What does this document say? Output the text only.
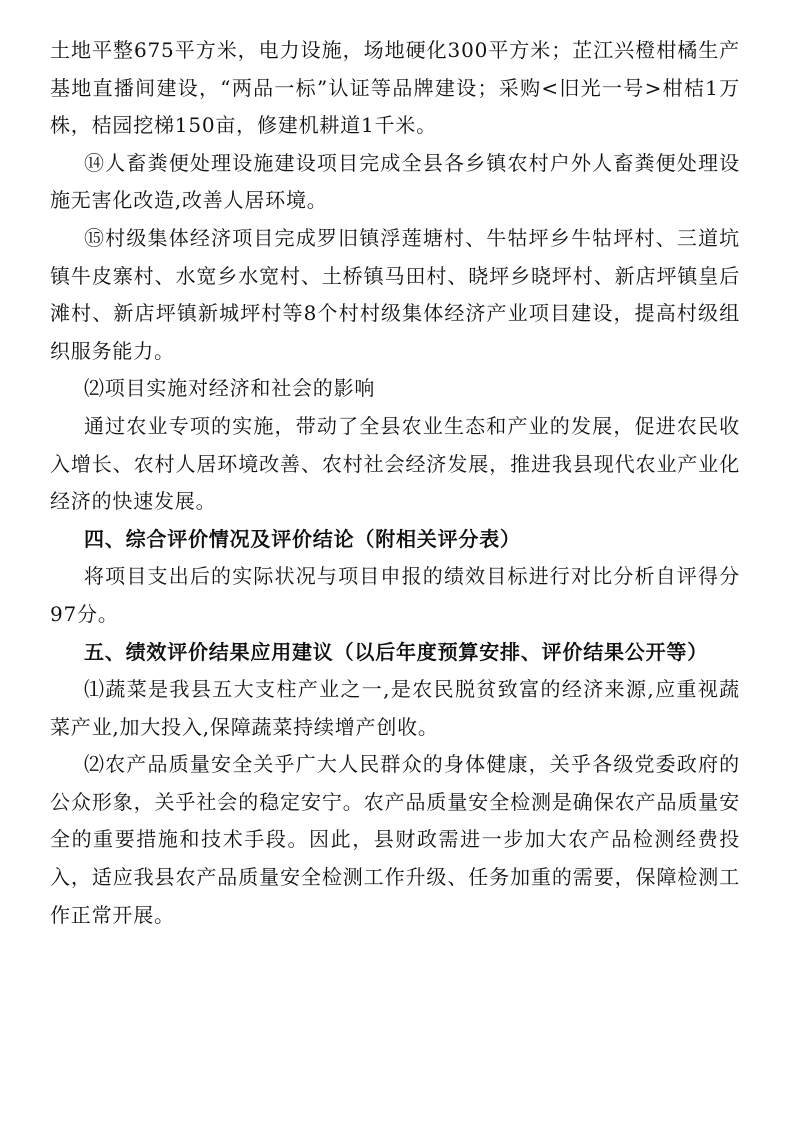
土地平整675平方米，电力设施，场地硬化300平方米；芷江兴橙柑橘生产基地直播间建设，“两品一标”认证等品牌建设；采购<旧光一号>柑桔1万株，桔园挖梯150亩，修建机耕道1千米。

⑭人畜粪便处理设施建设项目完成全县各乡镇农村户外人畜粪便处理设施无害化改造,改善人居环境。

⑮村级集体经济项目完成罗旧镇浮莲塘村、牛牯坪乡牛牯坪村、三道坑镇牛皮寨村、水宽乡水宽村、土桥镇马田村、晓坪乡晓坪村、新店坪镇皇后滩村、新店坪镇新城坪村等8个村村级集体经济产业项目建设，提高村级组织服务能力。

⑵项目实施对经济和社会的影响

通过农业专项的实施，带动了全县农业生态和产业的发展，促进农民收入增长、农村人居环境改善、农村社会经济发展，推进我县现代农业产业化经济的快速发展。

四、综合评价情况及评价结论（附相关评分表）

将项目支出后的实际状况与项目申报的绩效目标进行对比分析自评得分97分。

五、绩效评价结果应用建议（以后年度预算安排、评价结果公开等）

⑴蔬菜是我县五大支柱产业之一,是农民脱贫致富的经济来源,应重视蔬菜产业,加大投入,保障蔬菜持续增产创收。

⑵农产品质量安全关乎广大人民群众的身体健康，关乎各级党委政府的公众形象，关乎社会的稳定安宁。农产品质量安全检测是确保农产品质量安全的重要措施和技术手段。因此，县财政需进一步加大农产品检测经费投入，适应我县农产品质量安全检测工作升级、任务加重的需要，保障检测工作正常开展。
